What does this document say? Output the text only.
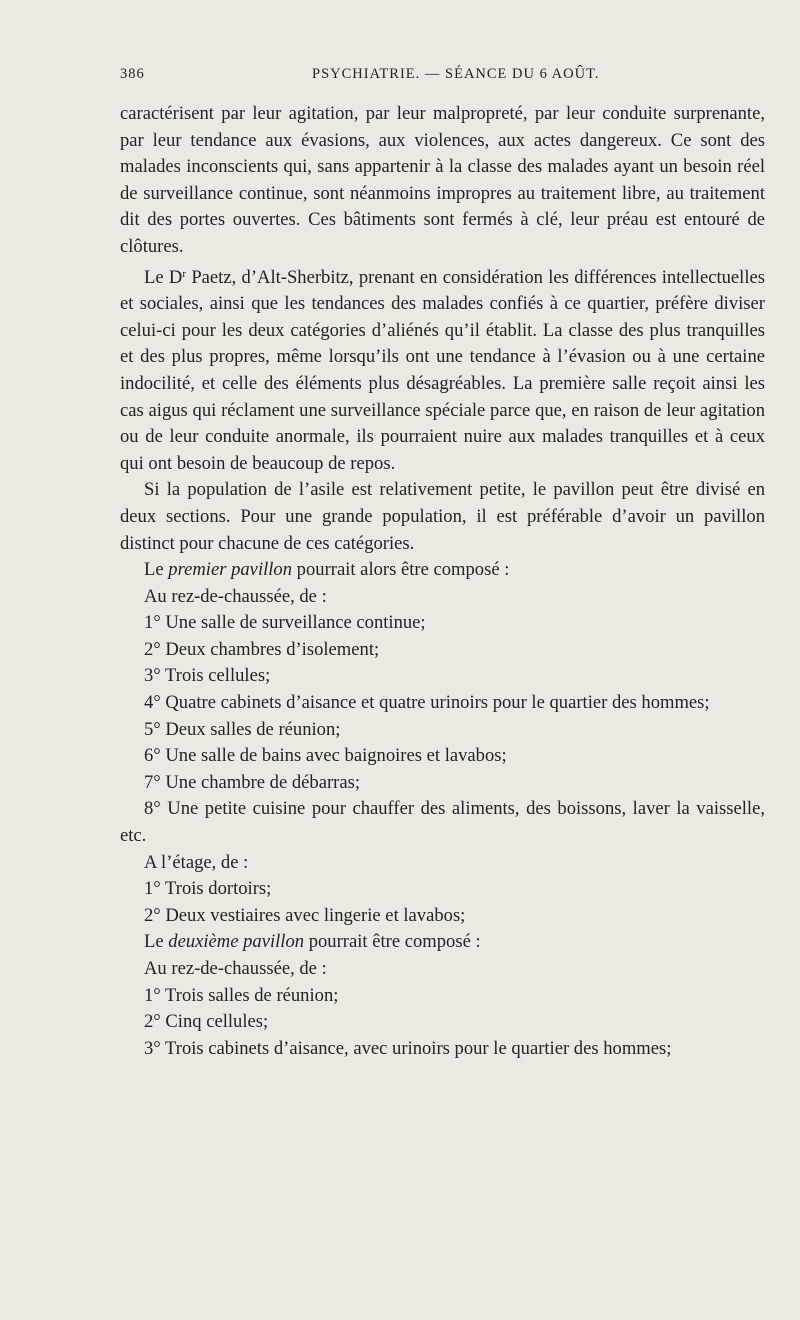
386	PSYCHIATRIE. — SÉANCE DU 6 AOÛT.

caractérisent par leur agitation, par leur malpropreté, par leur conduite surprenante, par leur tendance aux évasions, aux violences, aux actes dangereux. Ce sont des malades inconscients qui, sans appartenir à la classe des malades ayant un besoin réel de surveillance continue, sont néanmoins impropres au traitement libre, au traitement dit des portes ouvertes. Ces bâtiments sont fermés à clé, leur préau est entouré de clôtures.

Le $D^r$ Paetz, d’Alt-Sherbitz, prenant en considération les différences intellectuelles et sociales, ainsi que les tendances des malades confiés à ce quartier, préfère diviser celui-ci pour les deux catégories d’aliénés qu’il établit. La classe des plus tranquilles et des plus propres, même lorsqu’ils ont une tendance à l’évasion ou à une certaine indocilité, et celle des éléments plus désagréables. La première salle reçoit ainsi les cas aigus qui réclament une surveillance spéciale parce que, en raison de leur agitation ou de leur conduite anormale, ils pourraient nuire aux malades tranquilles et à ceux qui ont besoin de beaucoup de repos.

Si la population de l’asile est relativement petite, le pavillon peut être divisé en deux sections. Pour une grande population, il est préférable d’avoir un pavillon distinct pour chacune de ces catégories.

Le premier pavillon pourrait alors être composé :

Au rez-de-chaussée, de :

1° Une salle de surveillance continue;

2° Deux chambres d’isolement;

3° Trois cellules;

4° Quatre cabinets d’aisance et quatre urinoirs pour le quartier des hommes;

5° Deux salles de réunion;

6° Une salle de bains avec baignoires et lavabos;

7° Une chambre de débarras;

8° Une petite cuisine pour chauffer des aliments, des boissons, laver la vaisselle, etc.

A l’étage, de :

1° Trois dortoirs;

2° Deux vestiaires avec lingerie et lavabos;

Le deuxième pavillon pourrait être composé :

Au rez-de-chaussée, de :

1° Trois salles de réunion;

2° Cinq cellules;

3° Trois cabinets d’aisance, avec urinoirs pour le quartier des hommes;
